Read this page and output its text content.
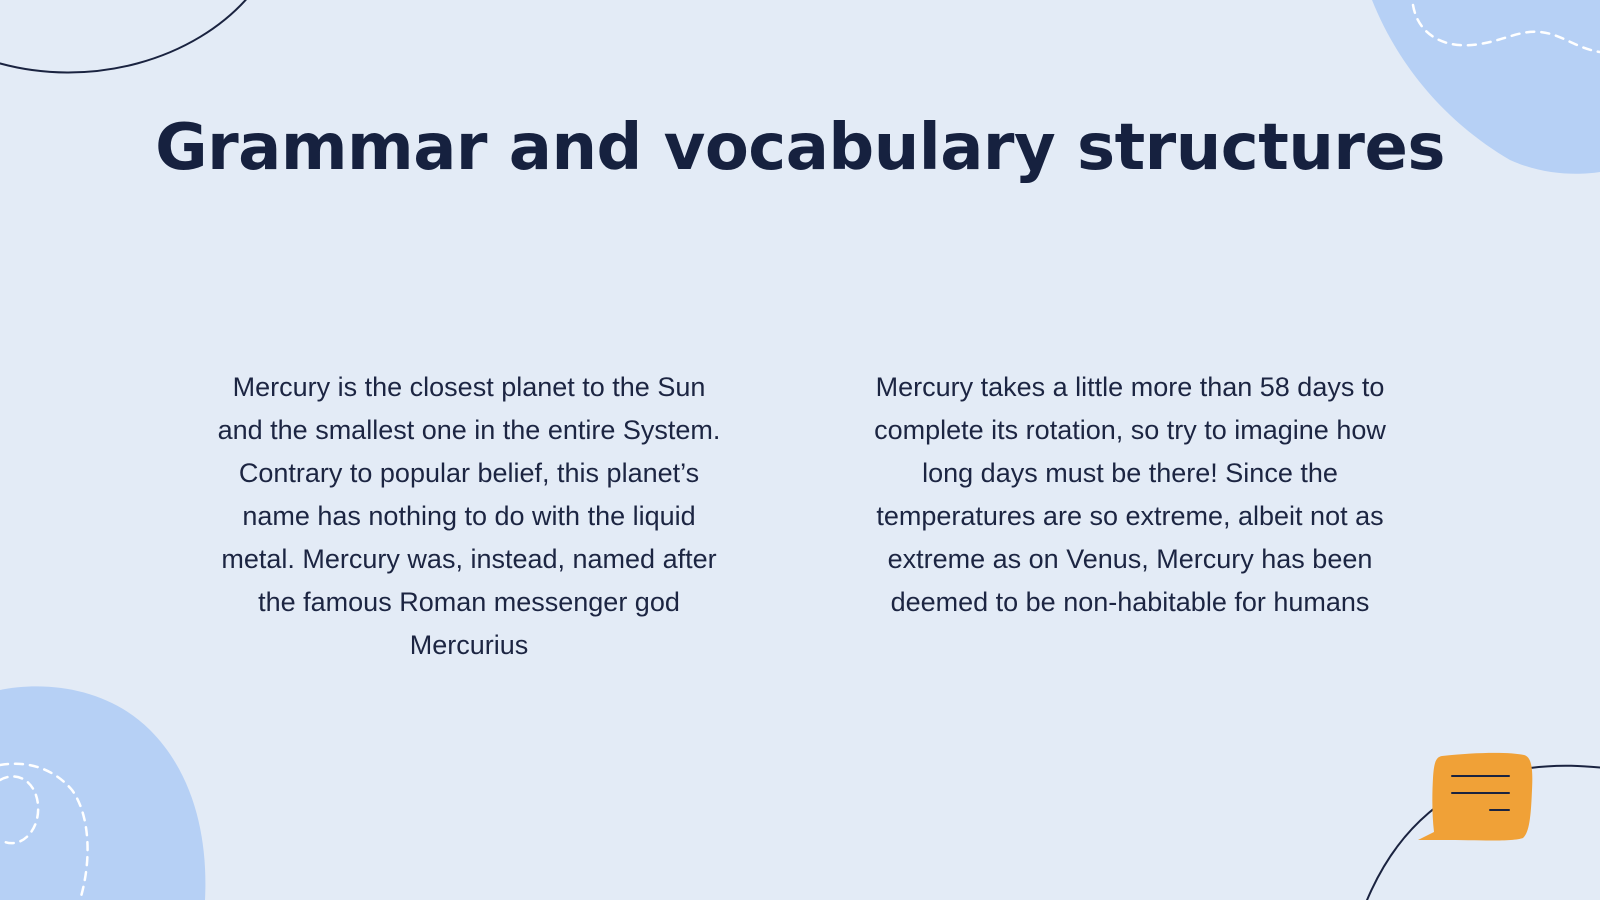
Grammar and vocabulary structures

Mercury is the closest planet to the Sun and the smallest one in the entire System. Contrary to popular belief, this planet’s name has nothing to do with the liquid metal. Mercury was, instead, named after the famous Roman messenger god Mercurius

Mercury takes a little more than 58 days to complete its rotation, so try to imagine how long days must be there! Since the temperatures are so extreme, albeit not as extreme as on Venus, Mercury has been deemed to be non-habitable for humans
